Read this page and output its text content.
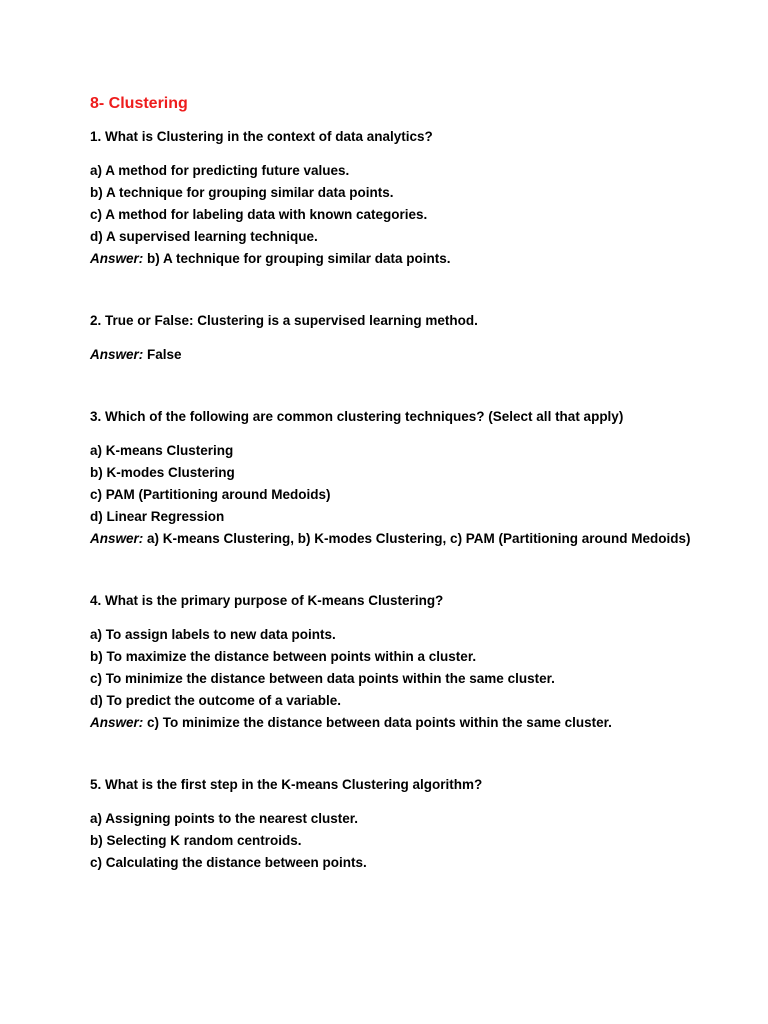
8- Clustering
1. What is Clustering in the context of data analytics?
a) A method for predicting future values.
b) A technique for grouping similar data points.
c) A method for labeling data with known categories.
d) A supervised learning technique.

Answer: b) A technique for grouping similar data points.

2. True or False: Clustering is a supervised learning method.

Answer: False

3. Which of the following are common clustering techniques? (Select all that apply)
a) K-means Clustering
b) K-modes Clustering
c) PAM (Partitioning around Medoids)
d) Linear Regression

Answer: a) K-means Clustering, b) K-modes Clustering, c) PAM (Partitioning around Medoids)

4. What is the primary purpose of K-means Clustering?
a) To assign labels to new data points.
b) To maximize the distance between points within a cluster.
c) To minimize the distance between data points within the same cluster.
d) To predict the outcome of a variable.

Answer: c) To minimize the distance between data points within the same cluster.

5. What is the first step in the K-means Clustering algorithm?
a) Assigning points to the nearest cluster.
b) Selecting K random centroids.
c) Calculating the distance between points.
